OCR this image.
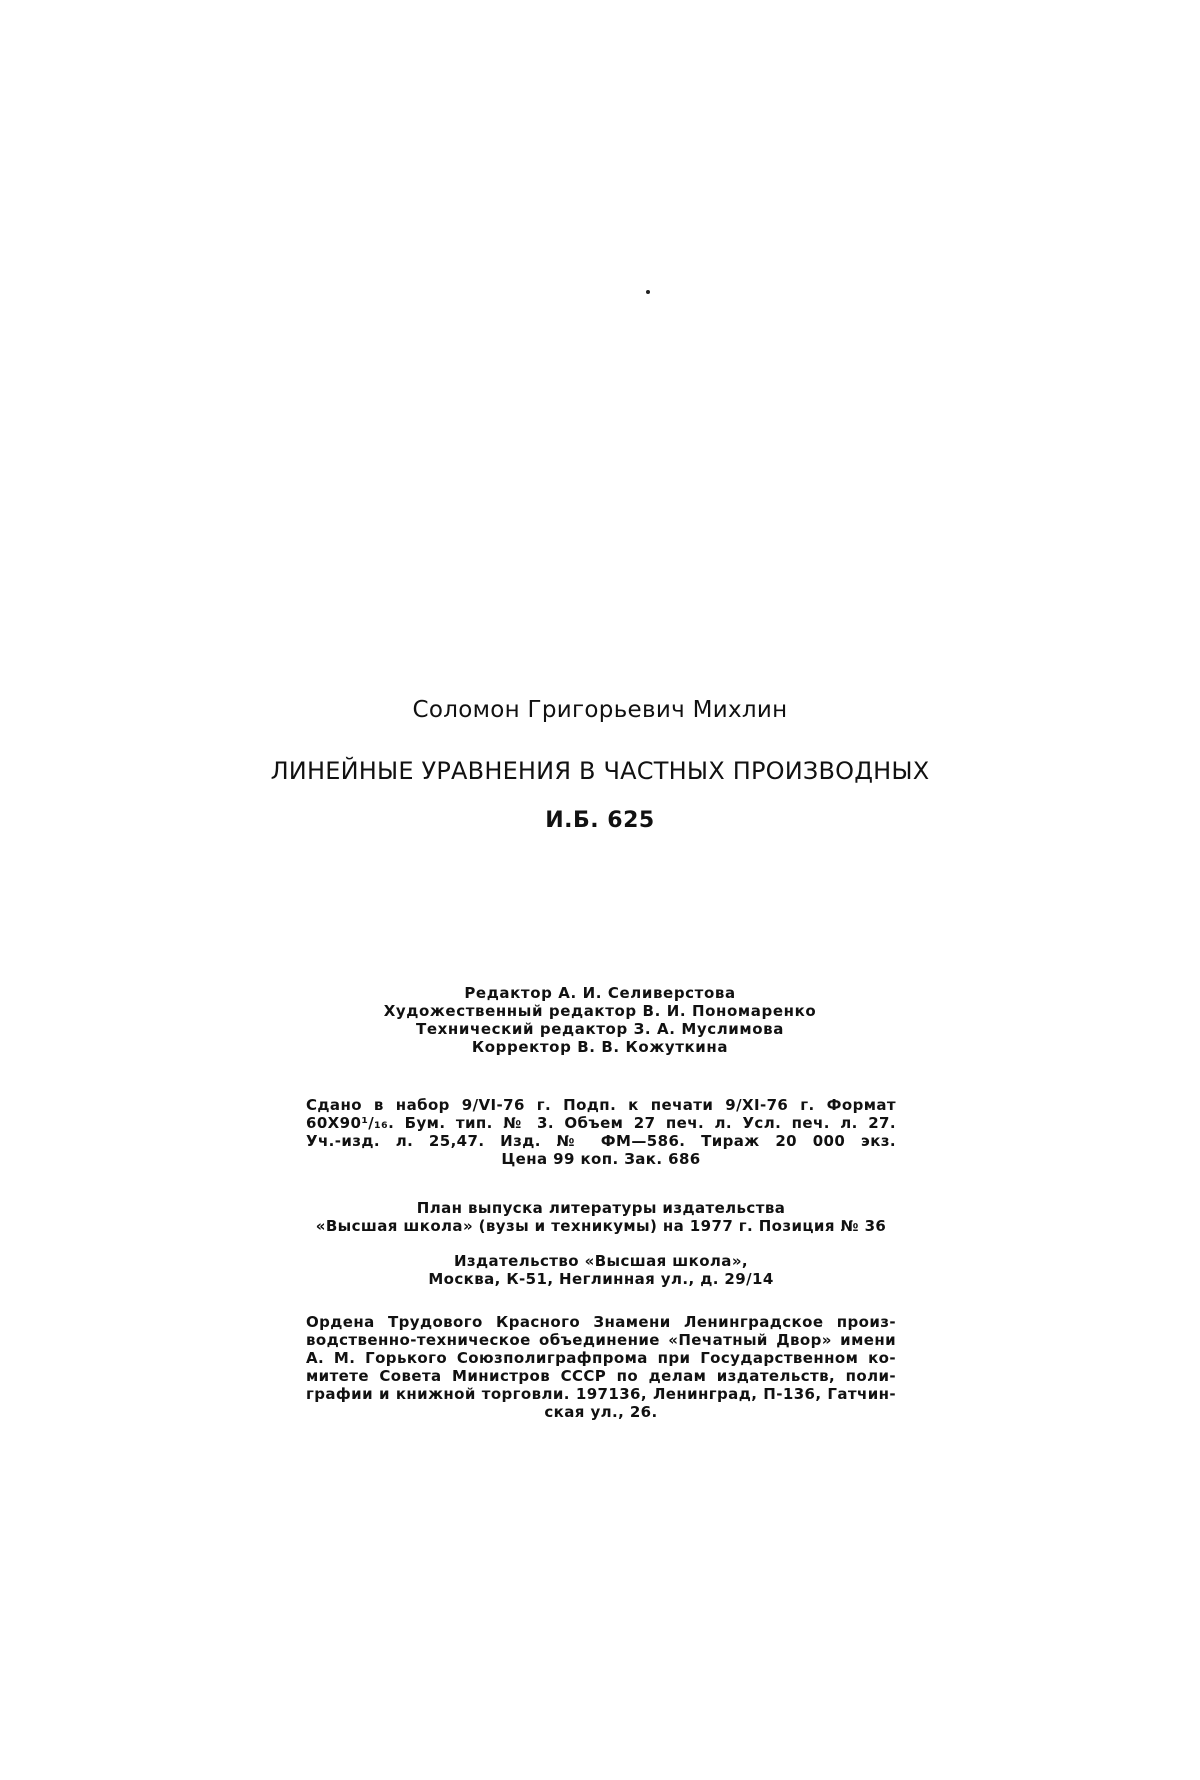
Соломон Григорьевич Михлин
ЛИНЕЙНЫЕ УРАВНЕНИЯ В ЧАСТНЫХ ПРОИЗВОДНЫХ
И.Б. 625
Редактор А. И. Селиверстова
Художественный редактор В. И. Пономаренко
Технический редактор З. А. Муслимова
Корректор В. В. Кожуткина
Сдано в набор 9/VI-76 г. Подп. к печати 9/XI-76 г. Формат
60X90¹/₁₆. Бум. тип. № 3. Объем 27 печ. л. Усл. печ. л. 27.
Уч.-изд. л. 25,47. Изд. № ФМ—586. Тираж 20 000 экз.
Цена 99 коп. Зак. 686
План выпуска литературы издательства
«Высшая школа» (вузы и техникумы) на 1977 г. Позиция № 36
Издательство «Высшая школа»,
Москва, К-51, Неглинная ул., д. 29/14
Ордена Трудового Красного Знамени Ленинградское произ-
водственно-техническое объединение «Печатный Двор» имени
А. М. Горького Союзполиграфпрома при Государственном ко-
митете Совета Министров СССР по делам издательств, поли-
графии и книжной торговли. 197136, Ленинград, П-136, Гатчин-
ская ул., 26.
